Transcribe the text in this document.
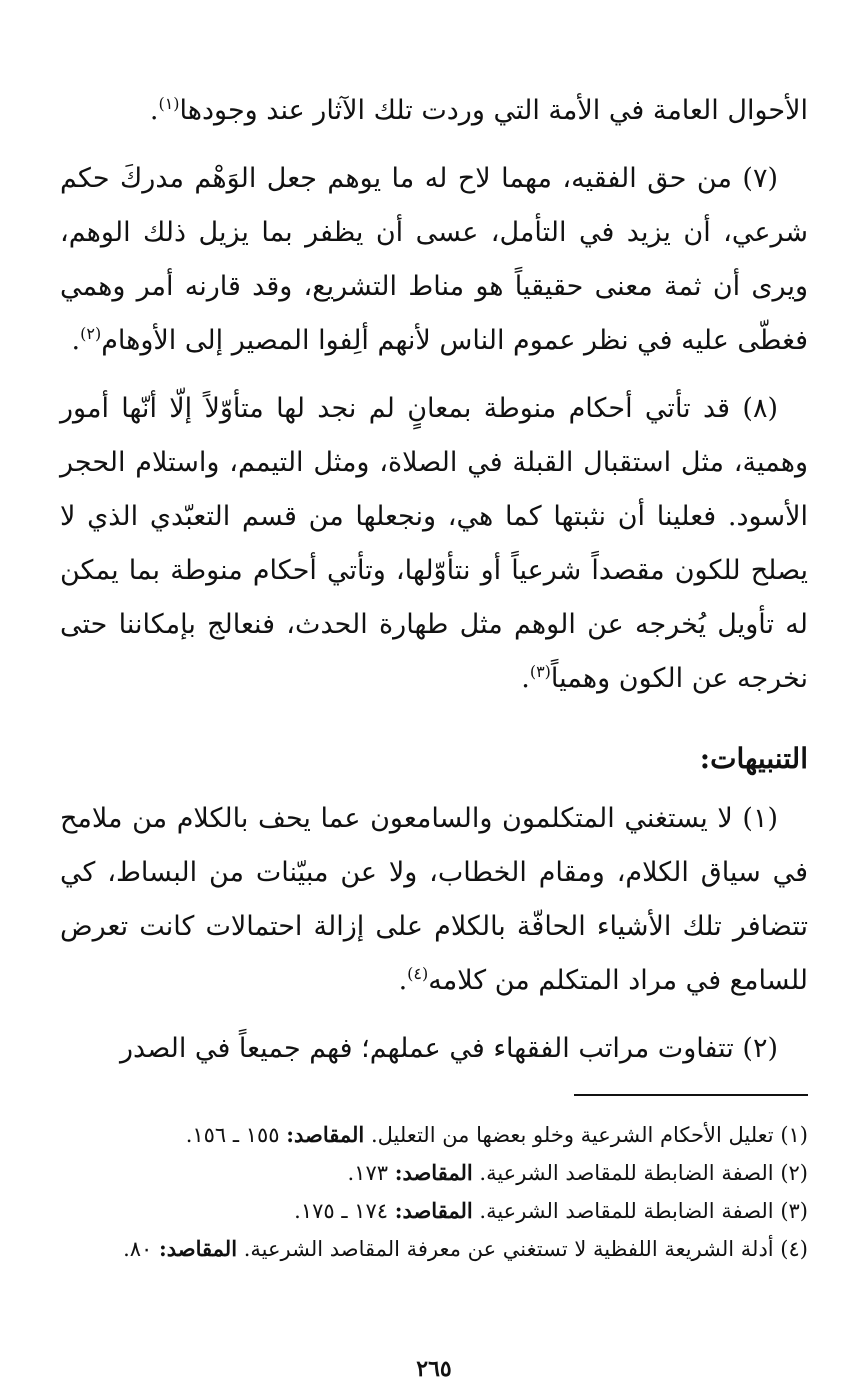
الأحوال العامة في الأمة التي وردت تلك الآثار عند وجودها$^{(١)}$.

(٧) من حق الفقيه، مهما لاح له ما يوهم جعل الوَهْم مدركَ حكم شرعي، أن يزيد في التأمل، عسى أن يظفر بما يزيل ذلك الوهم، ويرى أن ثمة معنى حقيقياً هو مناط التشريع، وقد قارنه أمر وهمي فغطّى عليه في نظر عموم الناس لأنهم ألِفوا المصير إلى الأوهام$^{(٢)}$.

(٨) قد تأتي أحكام منوطة بمعانٍ لم نجد لها متأوّلاً إلّا أنّها أمور وهمية، مثل استقبال القبلة في الصلاة، ومثل التيمم، واستلام الحجر الأسود. فعلينا أن نثبتها كما هي، ونجعلها من قسم التعبّدي الذي لا يصلح للكون مقصداً شرعياً أو نتأوّلها، وتأتي أحكام منوطة بما يمكن له تأويل يُخرجه عن الوهم مثل طهارة الحدث، فنعالج بإمكاننا حتى نخرجه عن الكون وهمياً$^{(٣)}$.

التنبيهات:

(١) لا يستغني المتكلمون والسامعون عما يحف بالكلام من ملامح في سياق الكلام، ومقام الخطاب، ولا عن مبيّنات من البساط، كي تتضافر تلك الأشياء الحافّة بالكلام على إزالة احتمالات كانت تعرض للسامع في مراد المتكلم من كلامه$^{(٤)}$.

(٢) تتفاوت مراتب الفقهاء في عملهم؛ فهم جميعاً في الصدر

(١) تعليل الأحكام الشرعية وخلو بعضها من التعليل. المقاصد: ١٥٥ ـ ١٥٦.

(٢) الصفة الضابطة للمقاصد الشرعية. المقاصد: ١٧٣.

(٣) الصفة الضابطة للمقاصد الشرعية. المقاصد: ١٧٤ ـ ١٧٥.

(٤) أدلة الشريعة اللفظية لا تستغني عن معرفة المقاصد الشرعية. المقاصد: ٨٠.

٢٦٥
